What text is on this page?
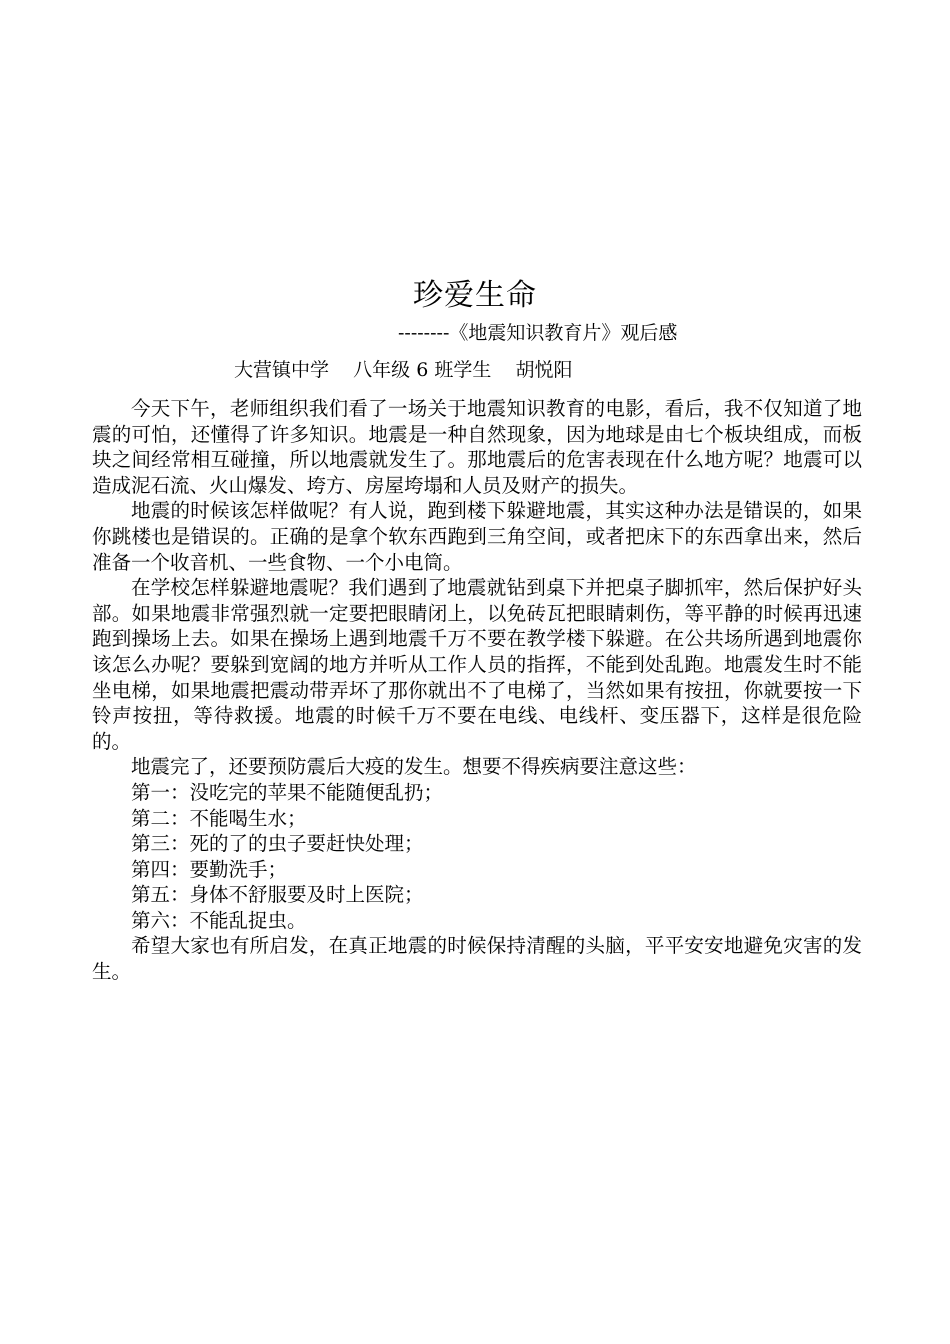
珍爱生命
--------《地震知识教育片》观后感
大营镇中学    八年级 6 班学生    胡悦阳

今天下午，老师组织我们看了一场关于地震知识教育的电影，看后，我不仅知道了地震的可怕，还懂得了许多知识。地震是一种自然现象，因为地球是由七个板块组成，而板块之间经常相互碰撞，所以地震就发生了。那地震后的危害表现在什么地方呢？地震可以造成泥石流、火山爆发、垮方、房屋垮塌和人员及财产的损失。

地震的时候该怎样做呢？有人说，跑到楼下躲避地震，其实这种办法是错误的，如果你跳楼也是错误的。正确的是拿个软东西跑到三角空间，或者把床下的东西拿出来，然后准备一个收音机、一些食物、一个小电筒。

在学校怎样躲避地震呢？我们遇到了地震就钻到桌下并把桌子脚抓牢，然后保护好头部。如果地震非常强烈就一定要把眼睛闭上，以免砖瓦把眼睛刺伤，等平静的时候再迅速跑到操场上去。如果在操场上遇到地震千万不要在教学楼下躲避。在公共场所遇到地震你该怎么办呢？要躲到宽阔的地方并听从工作人员的指挥，不能到处乱跑。地震发生时不能坐电梯，如果地震把震动带弄坏了那你就出不了电梯了，当然如果有按扭，你就要按一下铃声按扭，等待救援。地震的时候千万不要在电线、电线杆、变压器下，这样是很危险的。

地震完了，还要预防震后大疫的发生。想要不得疾病要注意这些：

第一：没吃完的苹果不能随便乱扔；

第二：不能喝生水；

第三：死的了的虫子要赶快处理；

第四：要勤洗手；

第五：身体不舒服要及时上医院；

第六：不能乱捉虫。

希望大家也有所启发，在真正地震的时候保持清醒的头脑，平平安安地避免灾害的发生。
